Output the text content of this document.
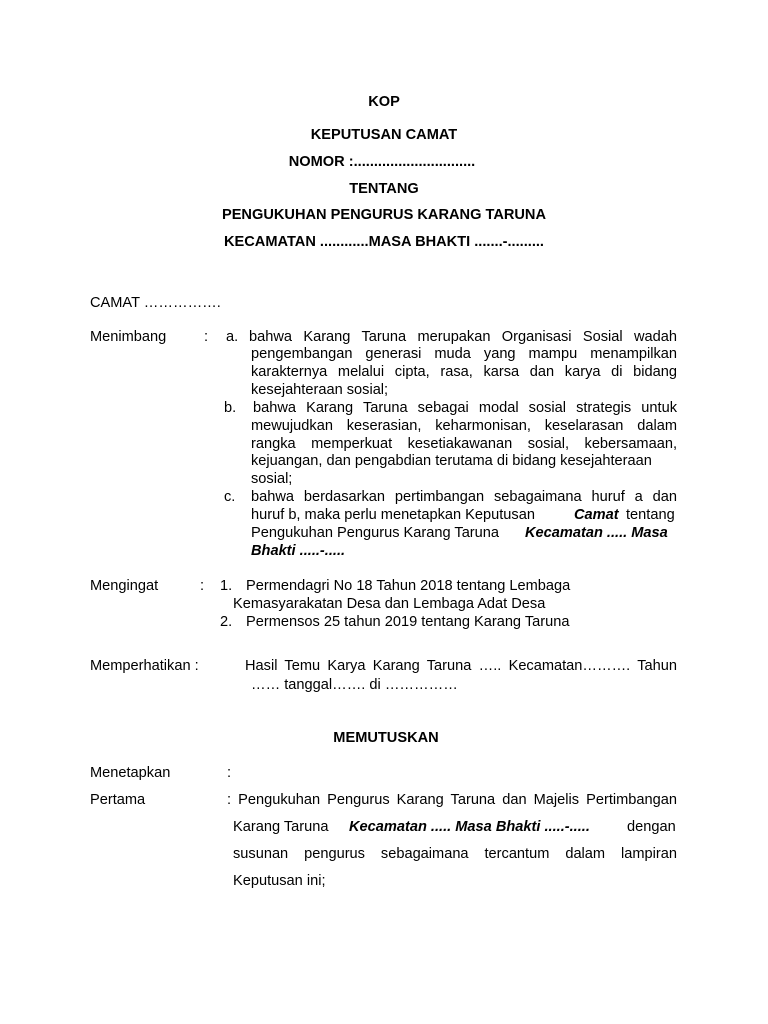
KOP
KEPUTUSAN CAMAT
NOMOR :..............................
TENTANG
PENGUKUHAN PENGURUS KARANG TARUNA
KECAMATAN ............MASA BHAKTI .......-.........
CAMAT …………….
Menimbang	: a. bahwa Karang Taruna merupakan Organisasi Sosial wadah
pengembangan generasi muda yang mampu menampilkan
karakternya melalui cipta, rasa, karsa dan karya di bidang
kesejahteraan sosial;
b. bahwa Karang Taruna sebagai modal sosial strategis untuk
mewujudkan keserasian, keharmonisan, keselarasan dalam
rangka memperkuat kesetiakawanan sosial, kebersamaan,
kejuangan, dan pengabdian terutama di bidang kesejahteraan
sosial;
c. bahwa berdasarkan pertimbangan sebagaimana huruf a dan
huruf b, maka perlu menetapkan Keputusan	Camat tentang
Pengukuhan Pengurus Karang Taruna Kecamatan ..... Masa
Bhakti .....-.....
Mengingat	: 1. Permendagri No 18 Tahun 2018 tentang Lembaga
Kemasyarakatan Desa dan Lembaga Adat Desa
2. Permensos 25 tahun 2019 tentang Karang Taruna
Memperhatikan :	Hasil Temu Karya Karang Taruna ….. Kecamatan………. Tahun
…… tanggal……. di ……………
MEMUTUSKAN
Menetapkan	:
Pertama	: Pengukuhan Pengurus Karang Taruna dan Majelis Pertimbangan
Karang Taruna Kecamatan ..... Masa Bhakti .....-.....	dengan
susunan pengurus sebagaimana tercantum dalam lampiran
Keputusan ini;
